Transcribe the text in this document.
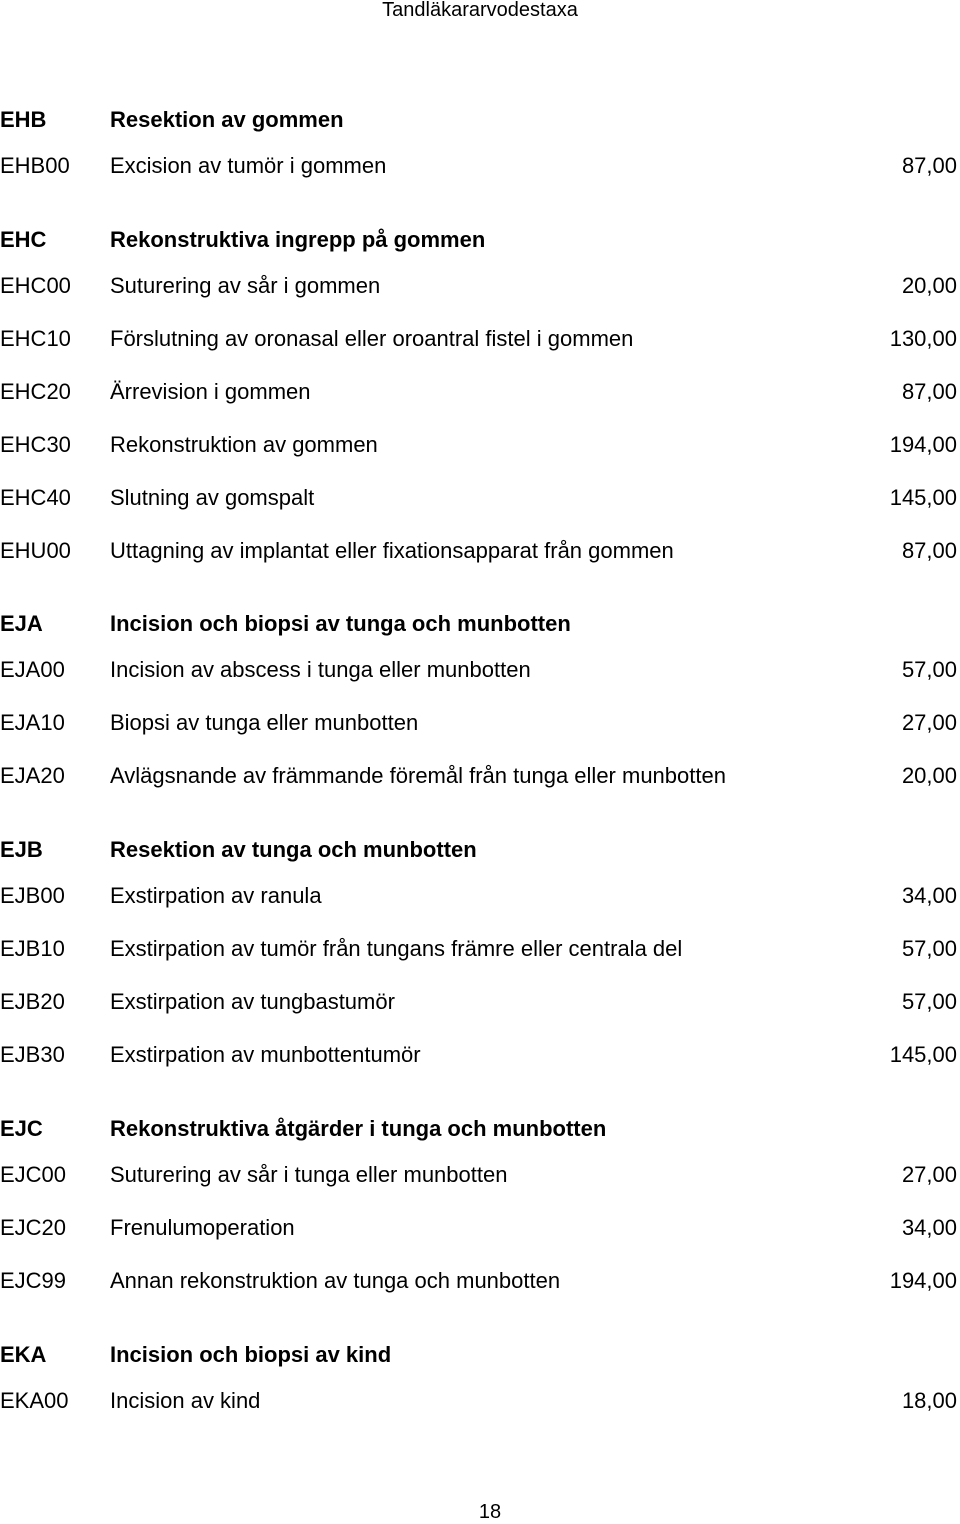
Tandläkararvodestaxa
EHB	Resektion av gommen
EHB00 Excision av tumör i gommen	87,00
EHC	Rekonstruktiva ingrepp på gommen
EHC00 Suturering av sår i gommen	20,00
EHC10 Förslutning av oronasal eller oroantral fistel i gommen	130,00
EHC20 Ärrevision i gommen	87,00
EHC30 Rekonstruktion av gommen	194,00
EHC40 Slutning av gomspalt	145,00
EHU00 Uttagning av implantat eller fixationsapparat från gommen	87,00
EJA	Incision och biopsi av tunga och munbotten
EJA00 Incision av abscess i tunga eller munbotten	57,00
EJA10 Biopsi av tunga eller munbotten	27,00
EJA20 Avlägsnande av främmande föremål från tunga eller munbotten	20,00
EJB	Resektion av tunga och munbotten
EJB00 Exstirpation av ranula	34,00
EJB10 Exstirpation av tumör från tungans främre eller centrala del	57,00
EJB20 Exstirpation av tungbastumör	57,00
EJB30 Exstirpation av munbottentumör	145,00
EJC	Rekonstruktiva åtgärder i tunga och munbotten
EJC00 Suturering av sår i tunga eller munbotten	27,00
EJC20 Frenulumoperation	34,00
EJC99 Annan rekonstruktion av tunga och munbotten	194,00
EKA	Incision och biopsi av kind
EKA00 Incision av kind	18,00
18
